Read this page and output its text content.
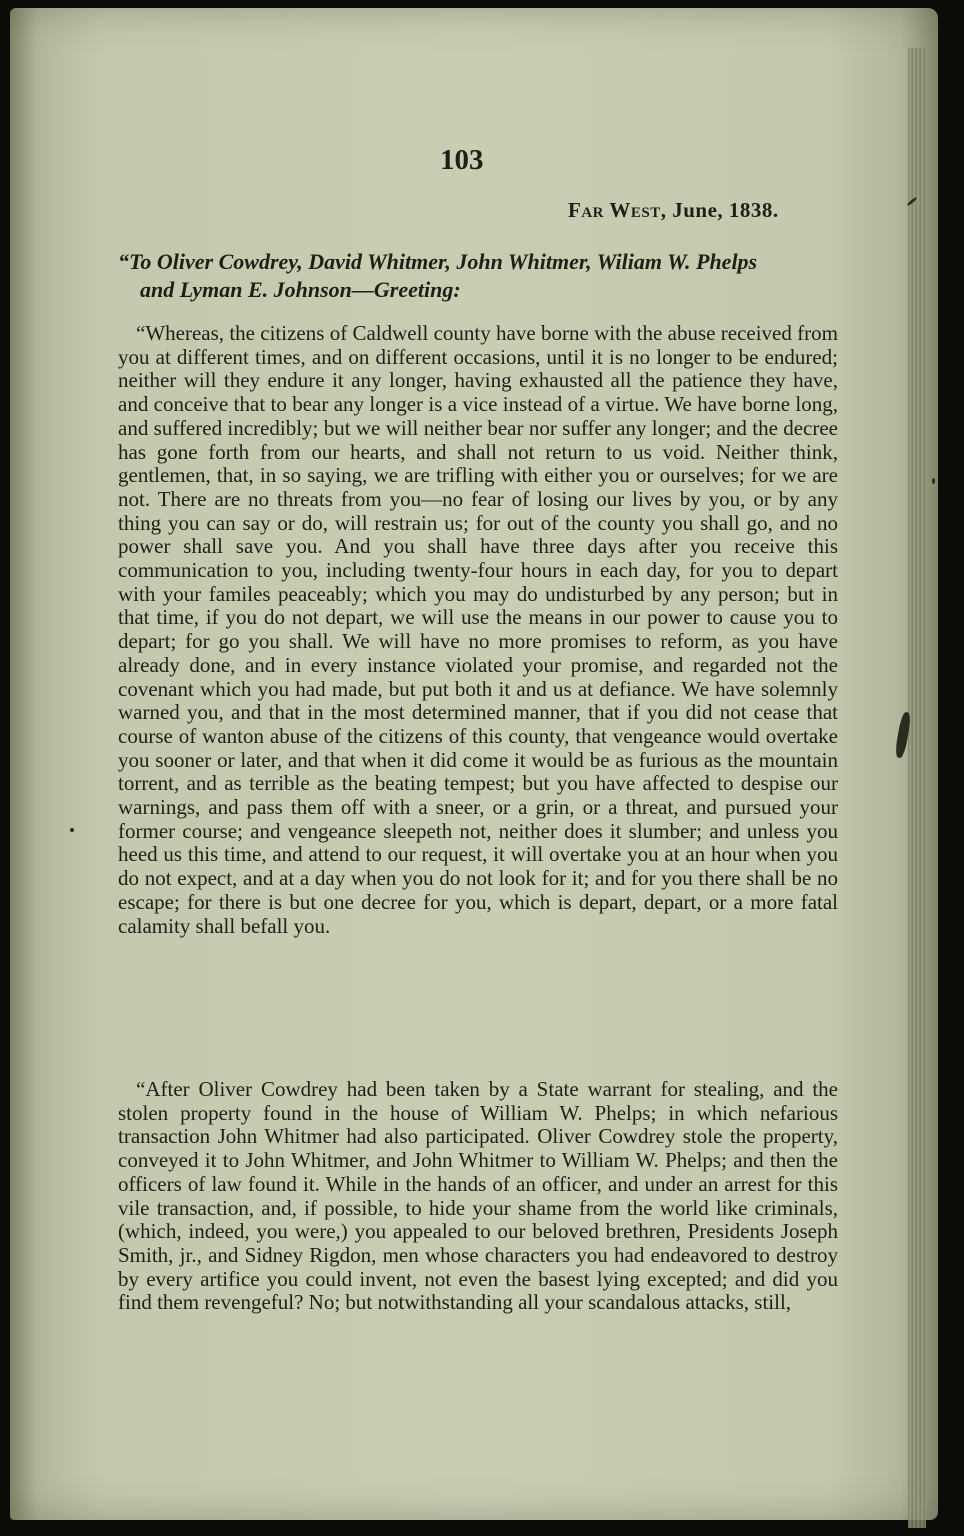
103
Far West, June, 1838.
“To Oliver Cowdrey, David Whitmer, John Whitmer, Wiliam W. Phelps
and Lyman E. Johnson—Greeting:

“Whereas, the citizens of Caldwell county have borne with the abuse received from you at different times, and on different occasions, until it is no longer to be endured; neither will they endure it any longer, having exhausted all the patience they have, and conceive that to bear any longer is a vice instead of a virtue. We have borne long, and suffered incredibly; but we will neither bear nor suffer any longer; and the decree has gone forth from our hearts, and shall not return to us void. Neither think, gentlemen, that, in so saying, we are trifling with either you or ourselves; for we are not. There are no threats from you—no fear of losing our lives by you, or by any thing you can say or do, will restrain us; for out of the county you shall go, and no power shall save you. And you shall have three days after you receive this communication to you, including twenty-four hours in each day, for you to depart with your familes peaceably; which you may do undisturbed by any person; but in that time, if you do not depart, we will use the means in our power to cause you to depart; for go you shall. We will have no more promises to reform, as you have already done, and in every instance violated your promise, and regarded not the covenant which you had made, but put both it and us at defiance. We have solemnly warned you, and that in the most determined manner, that if you did not cease that course of wanton abuse of the citizens of this county, that vengeance would overtake you sooner or later, and that when it did come it would be as furious as the mountain torrent, and as terrible as the beating tempest; but you have affected to despise our warnings, and pass them off with a sneer, or a grin, or a threat, and pursued your former course; and vengeance sleepeth not, neither does it slumber; and unless you heed us this time, and attend to our request, it will overtake you at an hour when you do not expect, and at a day when you do not look for it; and for you there shall be no escape; for there is but one decree for you, which is depart, depart, or a more fatal calamity shall befall you.

“After Oliver Cowdrey had been taken by a State warrant for stealing, and the stolen property found in the house of William W. Phelps; in which nefarious transaction John Whitmer had also participated. Oliver Cowdrey stole the property, conveyed it to John Whitmer, and John Whitmer to William W. Phelps; and then the officers of law found it. While in the hands of an officer, and under an arrest for this vile transaction, and, if possible, to hide your shame from the world like criminals, (which, indeed, you were,) you appealed to our beloved brethren, Presidents Joseph Smith, jr., and Sidney Rigdon, men whose characters you had endeavored to destroy by every artifice you could invent, not even the basest lying excepted; and did you find them revengeful? No; but notwithstanding all your scandalous attacks, still,
